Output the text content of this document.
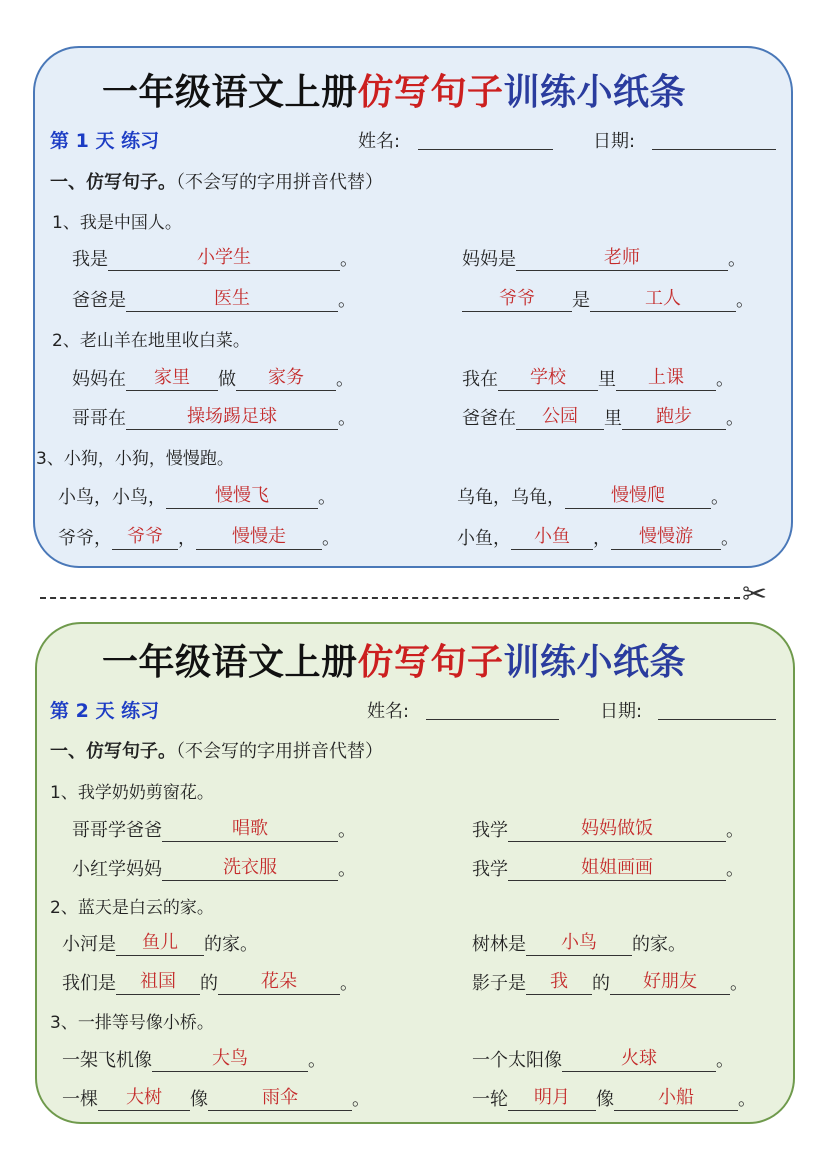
一年级语文上册仿写句子训练小纸条
第 1 天 练习	姓名:	日期:
一、仿写句子。（不会写的字用拼音代替）
1、我是中国人。
我是	小学生	。	妈妈是	老师	。
爸爸是	医生	。	爷爷 是	工人	。
2、老山羊在地里收白菜。
妈妈在 家里 做 家务 。	我在 学校 里 上课 。
哥哥在	操场踢足球	。	爸爸在 公园 里 跑步 。
3、小狗，小狗，慢慢跑。
小鸟，小鸟，	慢慢飞	。	乌龟，乌龟，	慢慢爬	。
爷爷， 爷爷 ， 慢慢走 。	小鱼， 小鱼 ， 慢慢游 。
✂
一年级语文上册仿写句子训练小纸条
第 2 天 练习	姓名:	日期:
一、仿写句子。（不会写的字用拼音代替）
1、我学奶奶剪窗花。
哥哥学爸爸	唱歌	。	我学	妈妈做饭	。
小红学妈妈	洗衣服	。	我学	姐姐画画	。
2、蓝天是白云的家。
小河是 鱼儿 的家。	树林是 小鸟 的家。
我们是 祖国 的 花朵 。	影子是 我 的 好朋友 。
3、一排等号像小桥。
一架飞机像	大鸟	。	一个太阳像	火球	。
一棵 大树 像	雨伞	。	一轮 明月 像 小船 。
